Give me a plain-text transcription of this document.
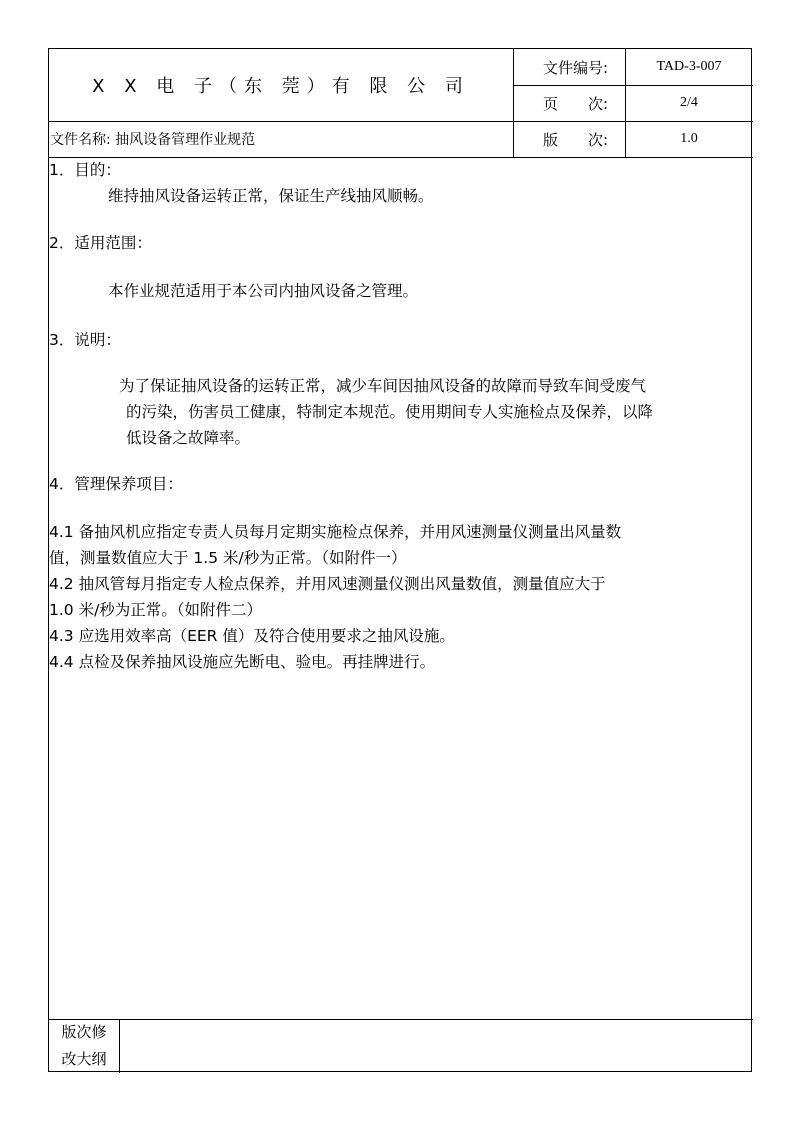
X X 电 子（东 莞）有 限 公 司
文件编号:	TAD-3-007
页　　次:	2/4
版　　次:	1.0
文件名称: 抽风设备管理作业规范
1．目的：
维持抽风设备运转正常，保证生产线抽风顺畅。
2．适用范围：
本作业规范适用于本公司内抽风设备之管理。
3．说明：
为了保证抽风设备的运转正常，减少车间因抽风设备的故障而导致车间受废气
的污染，伤害员工健康，特制定本规范。使用期间专人实施检点及保养，以降
低设备之故障率。
4．管理保养项目：
4.1 备抽风机应指定专责人员每月定期实施检点保养，并用风速测量仪测量出风量数
值，测量数值应大于 1.5 米/秒为正常。（如附件一）
4.2 抽风管每月指定专人检点保养，并用风速测量仪测出风量数值，测量值应大于
1.0 米/秒为正常。（如附件二）
4.3 应选用效率高（EER 值）及符合使用要求之抽风设施。
4.4 点检及保养抽风设施应先断电、验电。再挂牌进行。
版次修
改大纲
